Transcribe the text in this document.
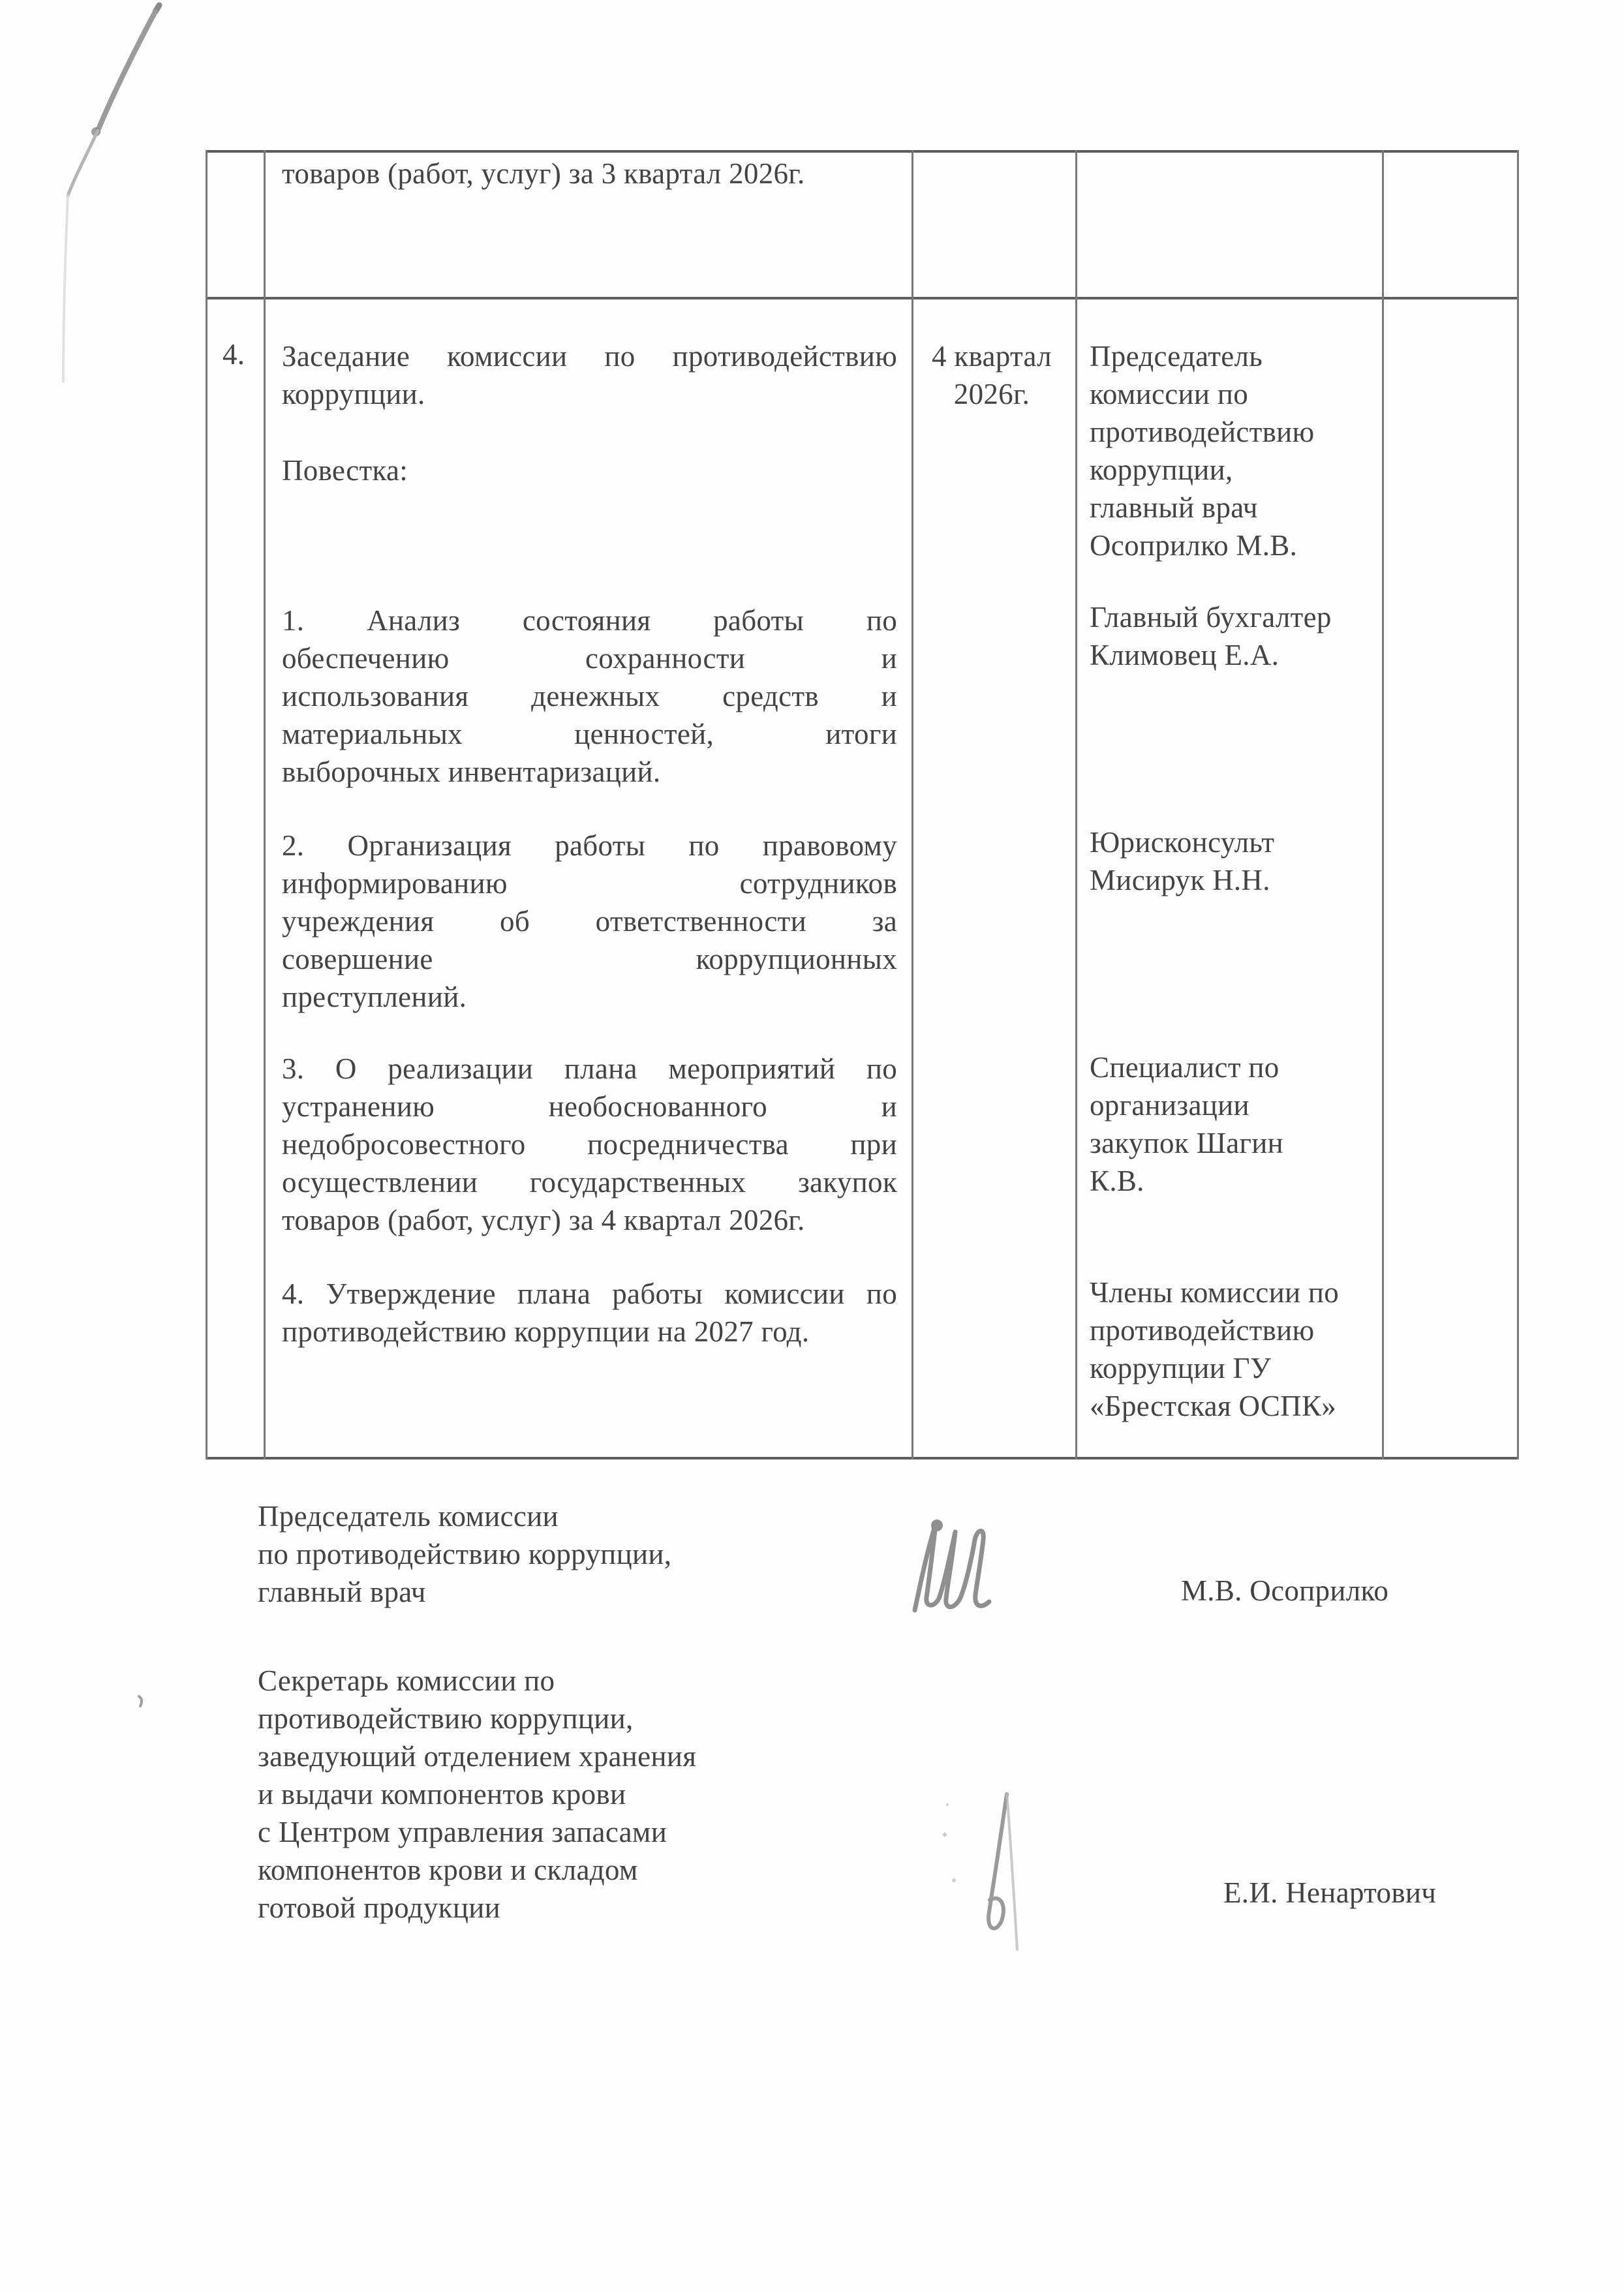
товаров (работ, услуг) за 3 квартал 2026г.
4. Заседание комиссии по противодействию
коррупции.
Повестка:
1. Анализ состояния работы по
обеспечению сохранности и
использования денежных средств и
материальных ценностей, итоги
выборочных инвентаризаций.
2. Организация работы по правовому
информированию сотрудников
учреждения об ответственности за
совершение коррупционных
преступлений.
3. О реализации плана мероприятий по
устранению необоснованного и
недобросовестного посредничества при
осуществлении государственных закупок
товаров (работ, услуг) за 4 квартал 2026г.
4. Утверждение плана работы комиссии по
противодействию коррупции на 2027 год.
4 квартал
2026г.
Председатель
комиссии по
противодействию
коррупции,
главный врач
Осоприлко М.В.
Главный бухгалтер
Климовец Е.А.
Юрисконсульт
Мисирук Н.Н.
Специалист по
организации
закупок Шагин
К.В.
Члены комиссии по
противодействию
коррупции ГУ
«Брестская ОСПК»
Председатель комиссии
по противодействию коррупции,
главный врач	М.В. Осоприлко
Секретарь комиссии по
противодействию коррупции,
заведующий отделением хранения
и выдачи компонентов крови
с Центром управления запасами
компонентов крови и складом
готовой продукции	Е.И. Ненартович
